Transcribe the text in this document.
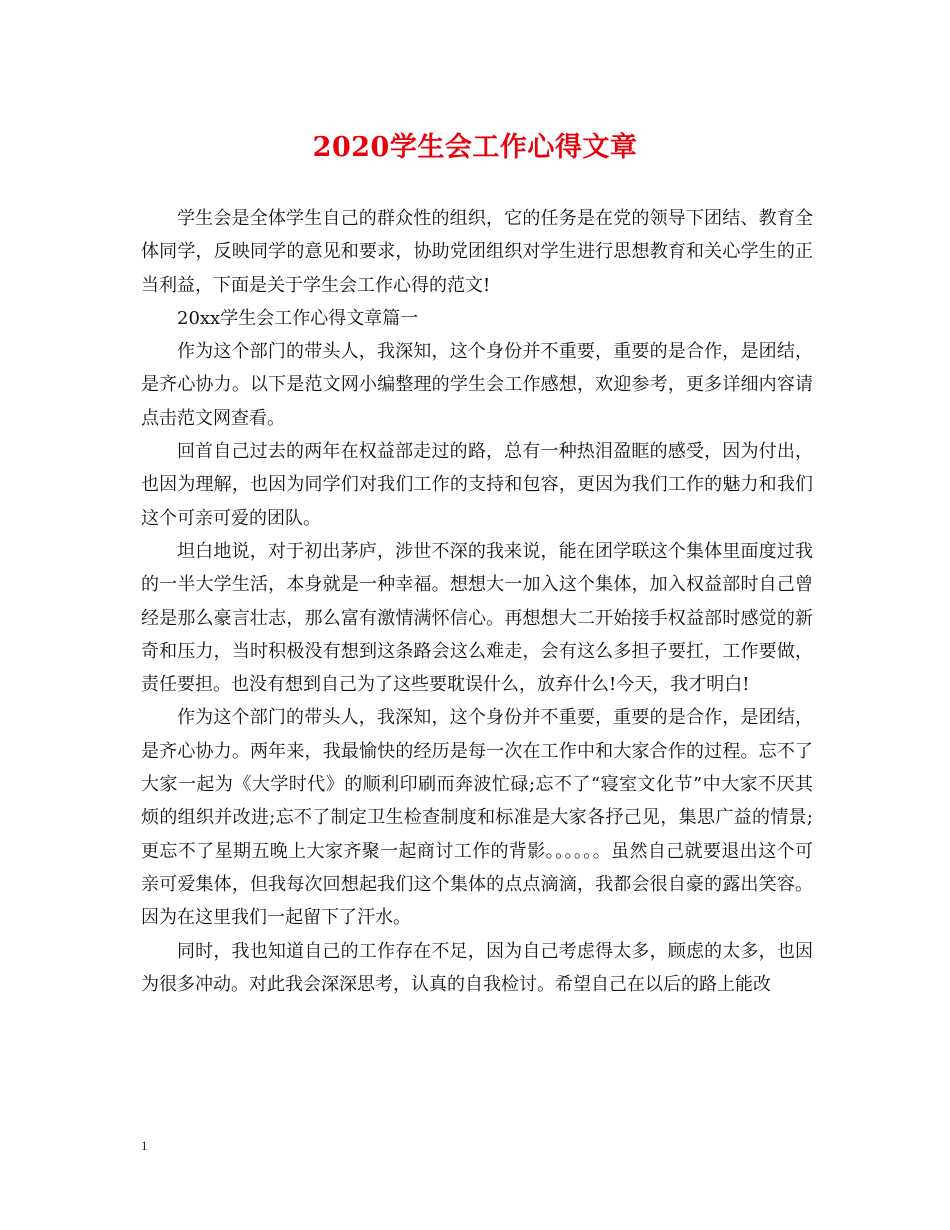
2020学生会工作心得文章

学生会是全体学生自己的群众性的组织，它的任务是在党的领导下团结、教育全体同学，反映同学的意见和要求，协助党团组织对学生进行思想教育和关心学生的正当利益，下面是关于学生会工作心得的范文!

20xx学生会工作心得文章篇一

作为这个部门的带头人，我深知，这个身份并不重要，重要的是合作，是团结，是齐心协力。以下是范文网小编整理的学生会工作感想，欢迎参考，更多详细内容请点击范文网查看。

回首自己过去的两年在权益部走过的路，总有一种热泪盈眶的感受，因为付出，也因为理解，也因为同学们对我们工作的支持和包容，更因为我们工作的魅力和我们这个可亲可爱的团队。

坦白地说，对于初出茅庐，涉世不深的我来说，能在团学联这个集体里面度过我的一半大学生活，本身就是一种幸福。想想大一加入这个集体，加入权益部时自己曾经是那么豪言壮志，那么富有激情满怀信心。再想想大二开始接手权益部时感觉的新奇和压力，当时积极没有想到这条路会这么难走，会有这么多担子要扛，工作要做，责任要担。也没有想到自己为了这些要耽误什么，放弃什么!今天，我才明白!

作为这个部门的带头人，我深知，这个身份并不重要，重要的是合作，是团结，是齐心协力。两年来，我最愉快的经历是每一次在工作中和大家合作的过程。忘不了大家一起为《大学时代》的顺利印刷而奔波忙碌;忘不了“寝室文化节”中大家不厌其烦的组织并改进;忘不了制定卫生检查制度和标准是大家各抒己见，集思广益的情景;更忘不了星期五晚上大家齐聚一起商讨工作的背影。。。。。。虽然自己就要退出这个可亲可爱集体，但我每次回想起我们这个集体的点点滴滴，我都会很自豪的露出笑容。因为在这里我们一起留下了汗水。

同时，我也知道自己的工作存在不足，因为自己考虑得太多，顾虑的太多，也因为很多冲动。对此我会深深思考，认真的自我检讨。希望自己在以后的路上能改

1
